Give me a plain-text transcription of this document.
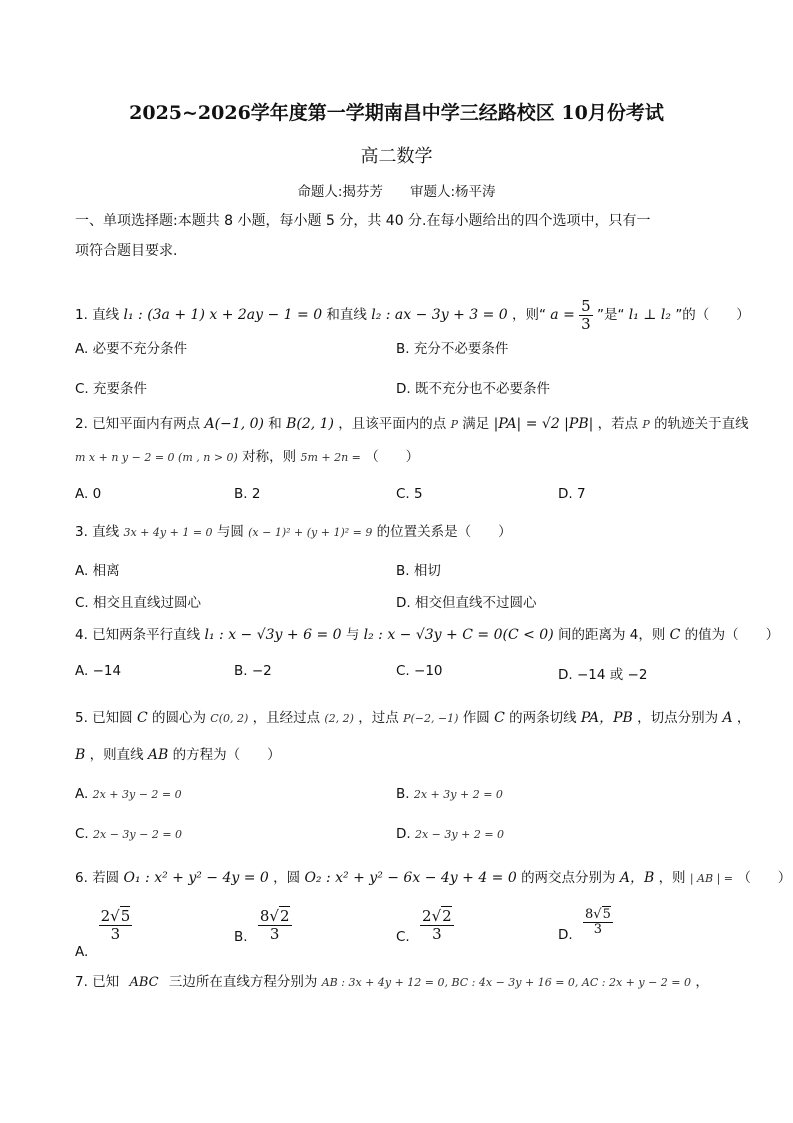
2025~2026学年度第一学期南昌中学三经路校区 10月份考试
高二数学
命题人:揭芬芳　　审题人:杨平涛
一、单项选择题:本题共 8 小题，每小题 5 分，共 40 分.在每小题给出的四个选项中，只有一
项符合题目要求.
1. 直线 l₁ : (3a + 1) x + 2ay − 1 = 0 和直线 l₂ : ax − 3y + 3 = 0 ，则“ $a = \frac{5}{3}$ ”是“ l₁ ⊥ l₂ ”的（　　）
A. 必要不充分条件	B. 充分不必要条件
C. 充要条件	D. 既不充分也不必要条件
2. 已知平面内有两点 A(−1, 0) 和 B(2, 1) ，且该平面内的点 P 满足 |PA| = √2 |PB| ，若点 P 的轨迹关于直线
m x + n y − 2 = 0 (m , n > 0) 对称，则 5m + 2n = （　　）
A. 0	B. 2	C. 5	D. 7
3. 直线 3x + 4y + 1 = 0 与圆 (x − 1)² + (y + 1)² = 9 的位置关系是（　　）
A. 相离	B. 相切
C. 相交且直线过圆心	D. 相交但直线不过圆心
4. 已知两条平行直线 l₁ : x − √3y + 6 = 0 与 l₂ : x − √3y + C = 0(C < 0) 间的距离为 4，则 C 的值为（　　）
A. −14	B. −2	C. −10	D. −14 或 −2
5. 已知圆 C 的圆心为 C(0, 2) ，且经过点 (2, 2) ，过点 P(−2, −1) 作圆 C 的两条切线 PA，PB ，切点分别为 A ，
B ，则直线 AB 的方程为（　　）
A. 2x + 3y − 2 = 0	B. 2x + 3y + 2 = 0
C. 2x − 3y − 2 = 0	D. 2x − 3y + 2 = 0
6. 若圆 O₁ : x² + y² − 4y = 0 ，圆 O₂ : x² + y² − 6x − 4y + 4 = 0 的两交点分别为 A，B ，则 | AB | = （　　）
A.
$\frac{2√5}{3}$	B. $\frac{8√2}{3}$	C. $\frac{2√2}{3}$	D. $\frac{8√5}{3}$
7. 已知 ABC 三边所在直线方程分别为 AB : 3x + 4y + 12 = 0, BC : 4x − 3y + 16 = 0, AC : 2x + y − 2 = 0 ，
